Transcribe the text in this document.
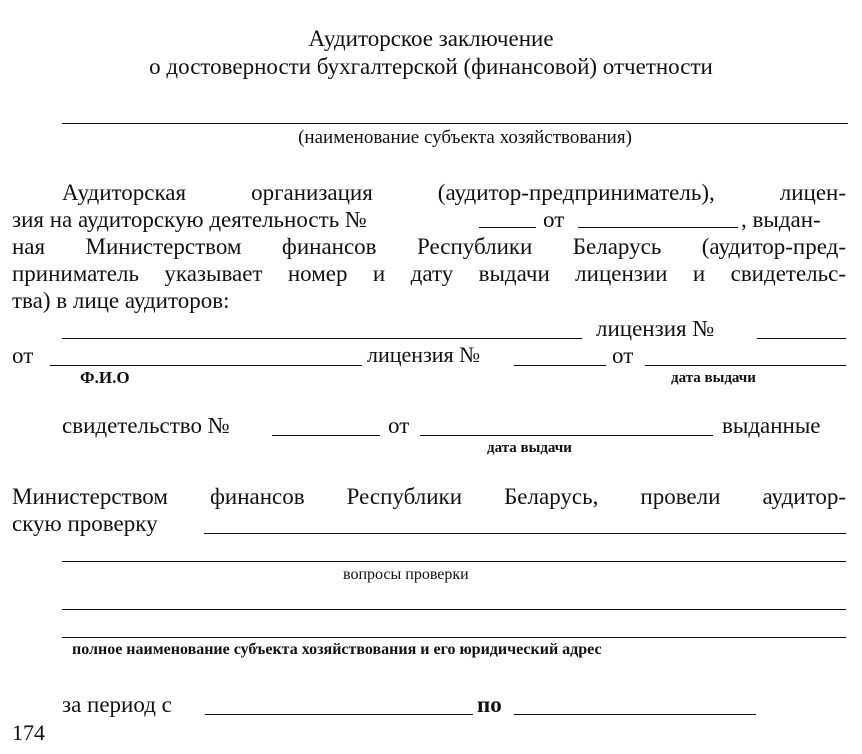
Аудиторское заключение
о достоверности бухгалтерской (финансовой) отчетности
(наименование субъекта хозяйствования)
Аудиторская организация (аудитор-предприниматель), лицен-
зия на аудиторскую деятельность №	от	, выдан-
ная Министерством финансов Республики Беларусь (аудитор-пред-
приниматель указывает номер и дату выдачи лицензии и свидетельс-
тва) в лице аудиторов:
лицензия №
от	лицензия №	от
Ф.И.О	дата выдачи
свидетельство №	от	выданные
дата выдачи
Министерством финансов Республики Беларусь, провели аудитор-
скую проверку
вопросы проверки
полное наименование субъекта хозяйствования и его юридический адрес
за период с	по
174
